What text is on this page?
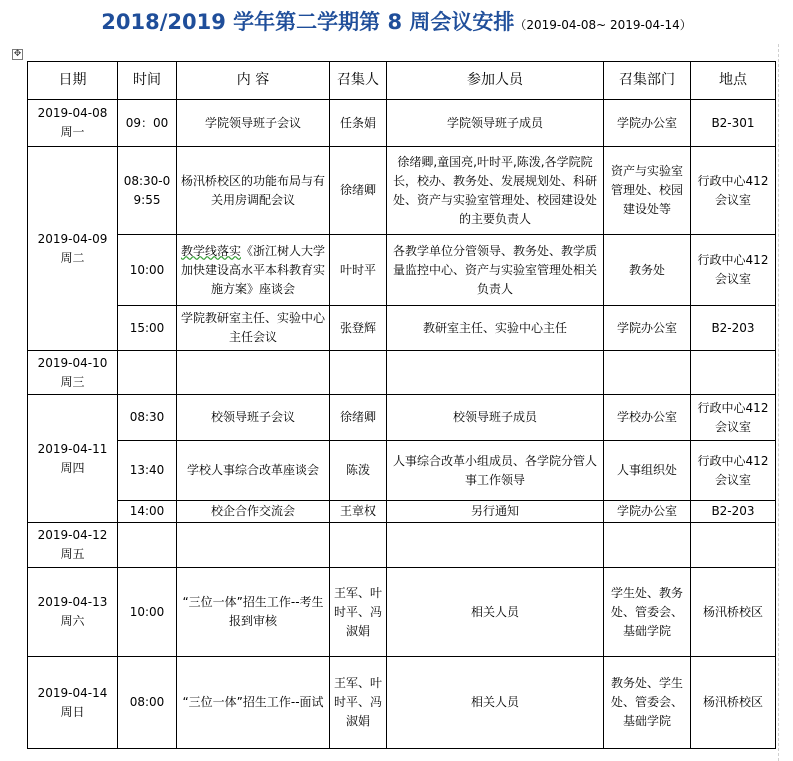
2018/2019 学年第二学期第 8 周会议安排（2019-04-08~ 2019-04-14）
✥
日期	时间	内 容	召集人	参加人员	召集部门	地点

2019-04-08
周一	09：00	学院领导班子会议	任条娟	学院领导班子成员	学院办公室	B2-301

2019-04-09
周二	08:30-09:55	杨汛桥校区的功能布局与有关用房调配会议	徐绪卿	徐绪卿,童国亮,叶时平,陈泼,各学院院长，校办、教务处、发展规划处、科研处、资产与实验室管理处、校园建设处的主要负责人	资产与实验室管理处、校园建设处等	行政中心412会议室
	10:00	教学线落实《浙江树人大学加快建设高水平本科教育实施方案》座谈会	叶时平	各教学单位分管领导、教务处、教学质量监控中心、资产与实验室管理处相关负责人	教务处	行政中心412会议室
	15:00	学院教研室主任、实验中心主任会议	张登辉	教研室主任、实验中心主任	学院办公室	B2-203

2019-04-10
周三						

2019-04-11
周四	08:30	校领导班子会议	徐绪卿	校领导班子成员	学校办公室	行政中心412会议室
	13:40	学校人事综合改革座谈会	陈泼	人事综合改革小组成员、各学院分管人事工作领导	人事组织处	行政中心412会议室
	14:00	校企合作交流会	王章权	另行通知	学院办公室	B2-203

2019-04-12
周五						

2019-04-13
周六	10:00	“三位一体”招生工作--考生报到审核	王军、叶时平、冯淑娟	相关人员	学生处、教务处、管委会、基础学院	杨汛桥校区

2019-04-14
周日	08:00	“三位一体”招生工作--面试	王军、叶时平、冯淑娟	相关人员	教务处、学生处、管委会、基础学院	杨汛桥校区
